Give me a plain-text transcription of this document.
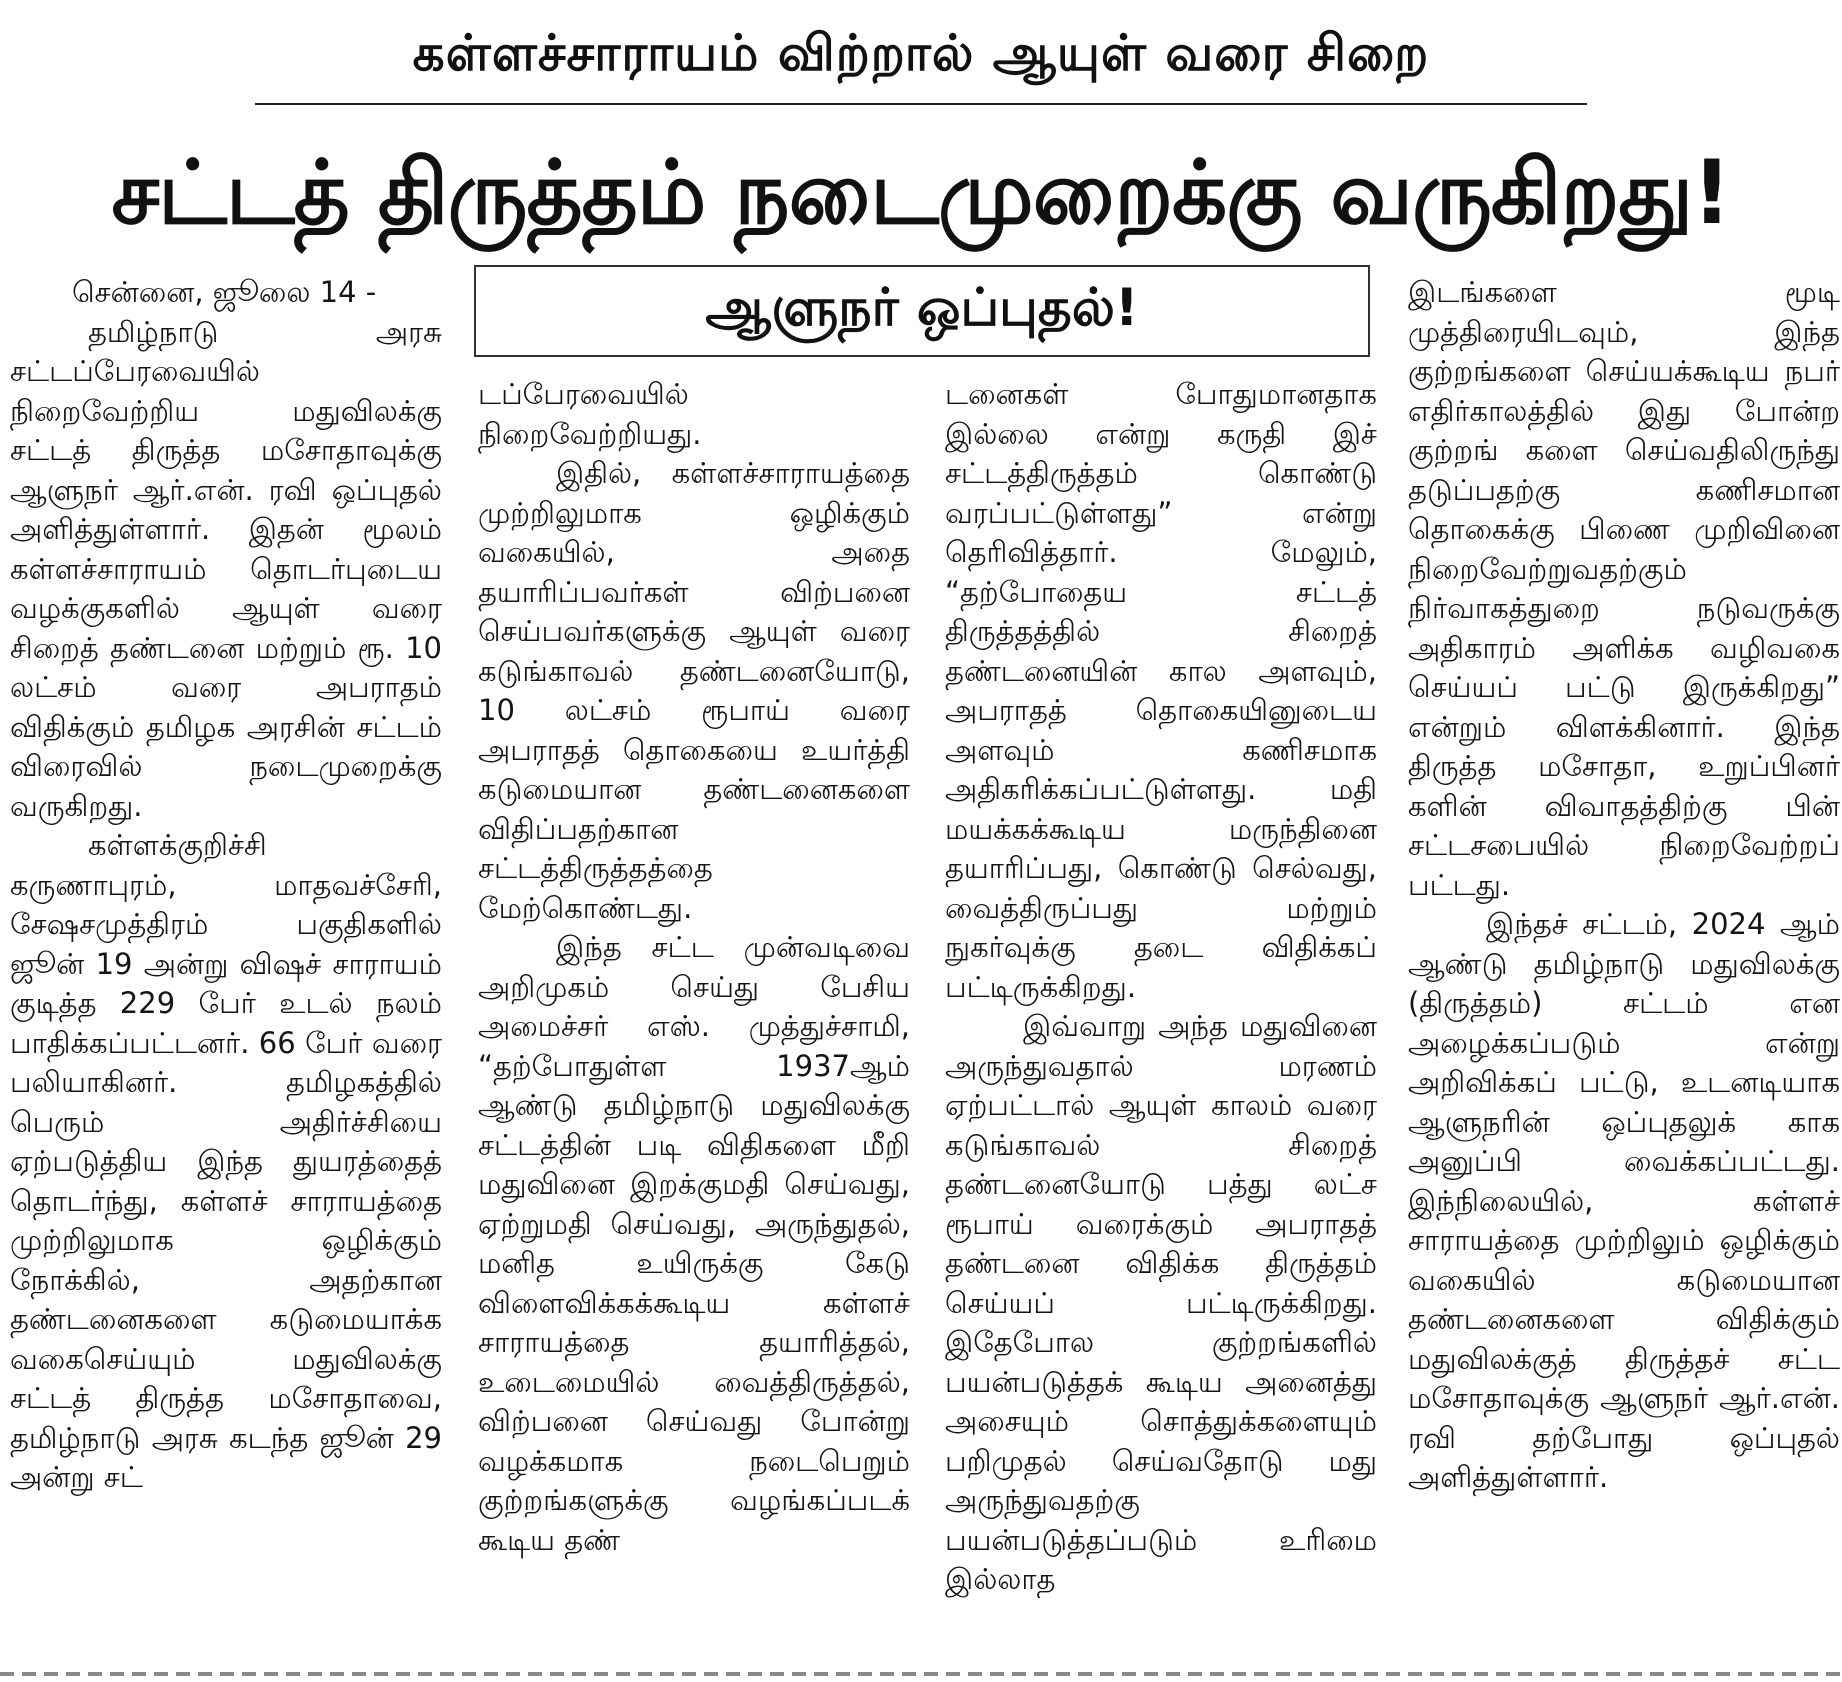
கள்ளச்சாராயம் விற்றால் ஆயுள் வரை சிறை
சட்டத் திருத்தம் நடைமுறைக்கு வருகிறது!
ஆளுநர் ஒப்புதல்!

சென்னை, ஜூலை 14 -

தமிழ்நாடு அரசு சட்டப்பேரவையில் நிறைவேற்றிய மதுவிலக்கு சட்டத் திருத்த மசோதாவுக்கு ஆளுநர் ஆர்.என். ரவி ஒப்புதல் அளித்துள்ளார். இதன் மூலம் கள்ளச்சாராயம் தொடர்புடைய வழக்குகளில் ஆயுள் வரை சிறைத் தண்டனை மற்றும் ரூ. 10 லட்சம் வரை அபராதம் விதிக்கும் தமிழக அரசின் சட்டம் விரைவில் நடைமுறைக்கு வருகிறது.

கள்ளக்குறிச்சி கருணாபுரம், மாதவச்சேரி, சேஷசமுத்திரம் பகுதிகளில் ஜூன் 19 அன்று விஷச் சாராயம் குடித்த 229 பேர் உடல் நலம் பாதிக்கப்பட்டனர். 66 பேர் வரை பலியாகினர். தமிழகத்தில் பெரும் அதிர்ச்சியை ஏற்படுத்திய இந்த துயரத்தைத் தொடர்ந்து, கள்ளச் சாராயத்தை முற்றிலுமாக ஒழிக்கும் நோக்கில், அதற்கான தண்டனைகளை கடுமையாக்க வகைசெய்யும் மதுவிலக்கு சட்டத் திருத்த மசோதாவை, தமிழ்நாடு அரசு கடந்த ஜூன் 29 அன்று சட்

டப்பேரவையில் நிறைவேற்றியது.

இதில், கள்ளச்சாராயத்தை முற்றிலுமாக ஒழிக்கும் வகையில், அதை தயாரிப்பவர்கள் விற்பனை செய்பவர்களுக்கு ஆயுள் வரை கடுங்காவல் தண்டனையோடு, 10 லட்சம் ரூபாய் வரை அபராதத் தொகையை உயர்த்தி கடுமையான தண்டனைகளை விதிப்பதற்கான சட்டத்திருத்தத்தை மேற்கொண்டது.

இந்த சட்ட முன்வடிவை அறிமுகம் செய்து பேசிய அமைச்சர் எஸ். முத்துச்சாமி, “தற்போதுள்ள 1937ஆம் ஆண்டு தமிழ்நாடு மதுவிலக்கு சட்டத்தின் படி விதிகளை மீறி மதுவினை இறக்குமதி செய்வது, ஏற்றுமதி செய்வது, அருந்துதல், மனித உயிருக்கு கேடு விளைவிக்கக்கூடிய கள்ளச் சாராயத்தை தயாரித்தல், உடைமையில் வைத்திருத்தல், விற்பனை செய்வது போன்று வழக்கமாக நடைபெறும் குற்றங்களுக்கு வழங்கப்படக் கூடிய தண்

டனைகள் போதுமானதாக இல்லை என்று கருதி இச் சட்டத்திருத்தம் கொண்டு வரப்பட்டுள்ளது” என்று தெரிவித்தார். மேலும், “தற்போதைய சட்டத் திருத்தத்தில் சிறைத் தண்டனையின் கால அளவும், அபராதத் தொகையினுடைய அளவும் கணிசமாக அதிகரிக்கப்பட்டுள்ளது. மதி மயக்கக்கூடிய மருந்தினை தயாரிப்பது, கொண்டு செல்வது, வைத்திருப்பது மற்றும் நுகர்வுக்கு தடை விதிக்கப் பட்டிருக்கிறது.

இவ்வாறு அந்த மதுவினை அருந்துவதால் மரணம் ஏற்பட்டால் ஆயுள் காலம் வரை கடுங்காவல் சிறைத் தண்டனையோடு பத்து லட்ச ரூபாய் வரைக்கும் அபராதத் தண்டனை விதிக்க திருத்தம் செய்யப் பட்டிருக்கிறது. இதேபோல குற்றங்களில் பயன்படுத்தக் கூடிய அனைத்து அசையும் சொத்துக்களையும் பறிமுதல் செய்வதோடு மது அருந்துவதற்கு பயன்படுத்தப்படும் உரிமை இல்லாத

இடங்களை மூடி முத்திரையிடவும், இந்த குற்றங்களை செய்யக்கூடிய நபர் எதிர்காலத்தில் இது போன்ற குற்றங் களை செய்வதிலிருந்து தடுப்பதற்கு கணிசமான தொகைக்கு பிணை முறிவினை நிறைவேற்றுவதற்கும் நிர்வாகத்துறை நடுவருக்கு அதிகாரம் அளிக்க வழிவகை செய்யப் பட்டு இருக்கிறது” என்றும் விளக்கினார். இந்த திருத்த மசோதா, உறுப்பினர் களின் விவாதத்திற்கு பின் சட்டசபையில் நிறைவேற்றப் பட்டது.

இந்தச் சட்டம், 2024 ஆம் ஆண்டு தமிழ்நாடு மதுவிலக்கு (திருத்தம்) சட்டம் என அழைக்கப்படும் என்று அறிவிக்கப் பட்டு, உடனடியாக ஆளுநரின் ஒப்புதலுக் காக அனுப்பி வைக்கப்பட்டது. இந்நிலையில், கள்ளச் சாராயத்தை முற்றிலும் ஒழிக்கும் வகையில் கடுமையான தண்டனைகளை விதிக்கும் மதுவிலக்குத் திருத்தச் சட்ட மசோதாவுக்கு ஆளுநர் ஆர்.என். ரவி தற்போது ஒப்புதல் அளித்துள்ளார்.
